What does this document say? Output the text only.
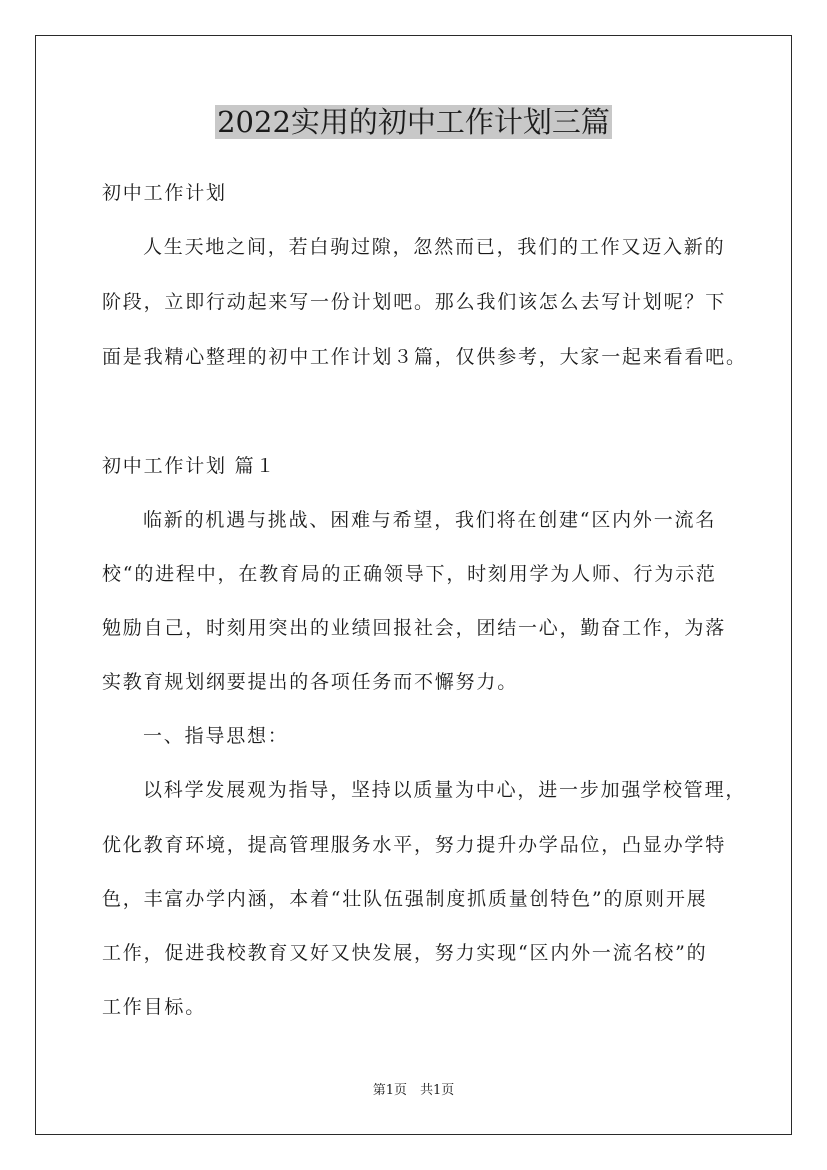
2022实用的初中工作计划三篇
初中工作计划
人生天地之间，若白驹过隙，忽然而已，我们的工作又迈入新的
阶段，立即行动起来写一份计划吧。那么我们该怎么去写计划呢？下
面是我精心整理的初中工作计划３篇，仅供参考，大家一起来看看吧。
初中工作计划 篇１
临新的机遇与挑战、困难与希望，我们将在创建“区内外一流名
校“的进程中，在教育局的正确领导下，时刻用学为人师、行为示范
勉励自己，时刻用突出的业绩回报社会，团结一心，勤奋工作，为落
实教育规划纲要提出的各项任务而不懈努力。
一、指导思想：
以科学发展观为指导，坚持以质量为中心，进一步加强学校管理，
优化教育环境，提高管理服务水平，努力提升办学品位，凸显办学特
色，丰富办学内涵，本着“壮队伍强制度抓质量创特色”的原则开展
工作，促进我校教育又好又快发展，努力实现“区内外一流名校”的
工作目标。
第1页　共1页
